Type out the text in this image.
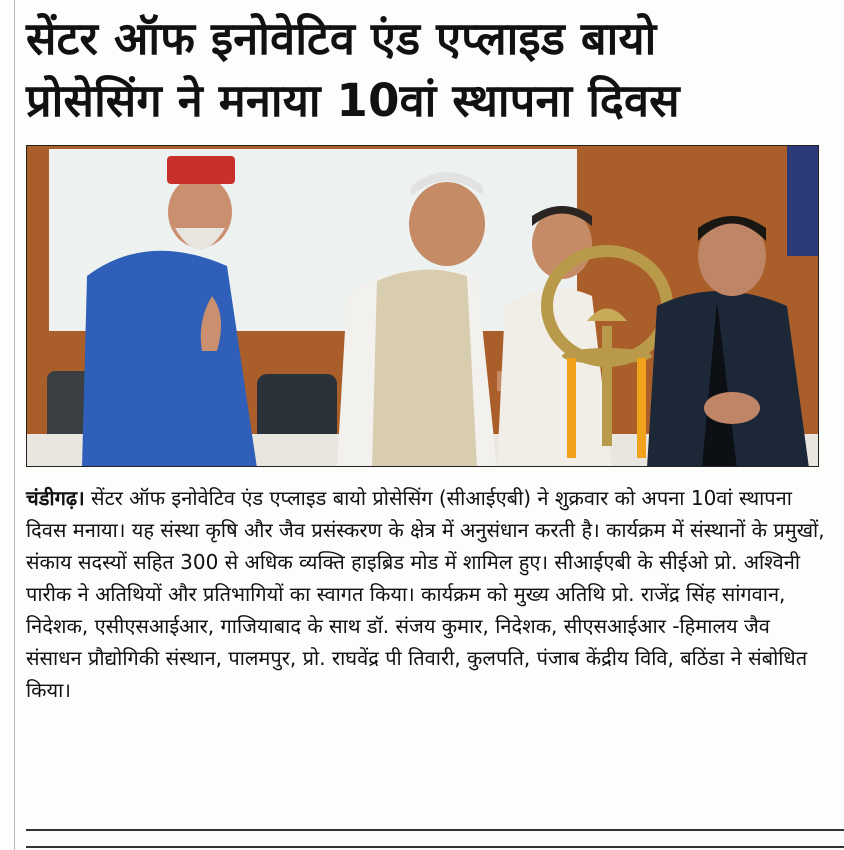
सेंटर ऑफ इनोवेटिव एंड एप्लाइड बायो
प्रोसेसिंग ने मनाया 10वां स्थापना दिवस

चंडीगढ़। सेंटर ऑफ इनोवेटिव एंड एप्लाइड बायो प्रोसेसिंग (सीआईएबी) ने शुक्रवार को अपना 10वां स्थापना दिवस मनाया। यह संस्था कृषि और जैव प्रसंस्करण के क्षेत्र में अनुसंधान करती है। कार्यक्रम में संस्थानों के प्रमुखों, संकाय सदस्यों सहित 300 से अधिक व्यक्ति हाइब्रिड मोड में शामिल हुए। सीआईएबी के सीईओ प्रो. अश्विनी पारीक ने अतिथियों और प्रतिभागियों का स्वागत किया। कार्यक्रम को मुख्य अतिथि प्रो. राजेंद्र सिंह सांगवान, निदेशक, एसीएसआईआर, गाजियाबाद के साथ डॉ. संजय कुमार, निदेशक, सीएसआईआर -हिमालय जैव संसाधन प्रौद्योगिकी संस्थान, पालमपुर, प्रो. राघवेंद्र पी तिवारी, कुलपति, पंजाब केंद्रीय विवि, बठिंडा ने संबोधित किया।
